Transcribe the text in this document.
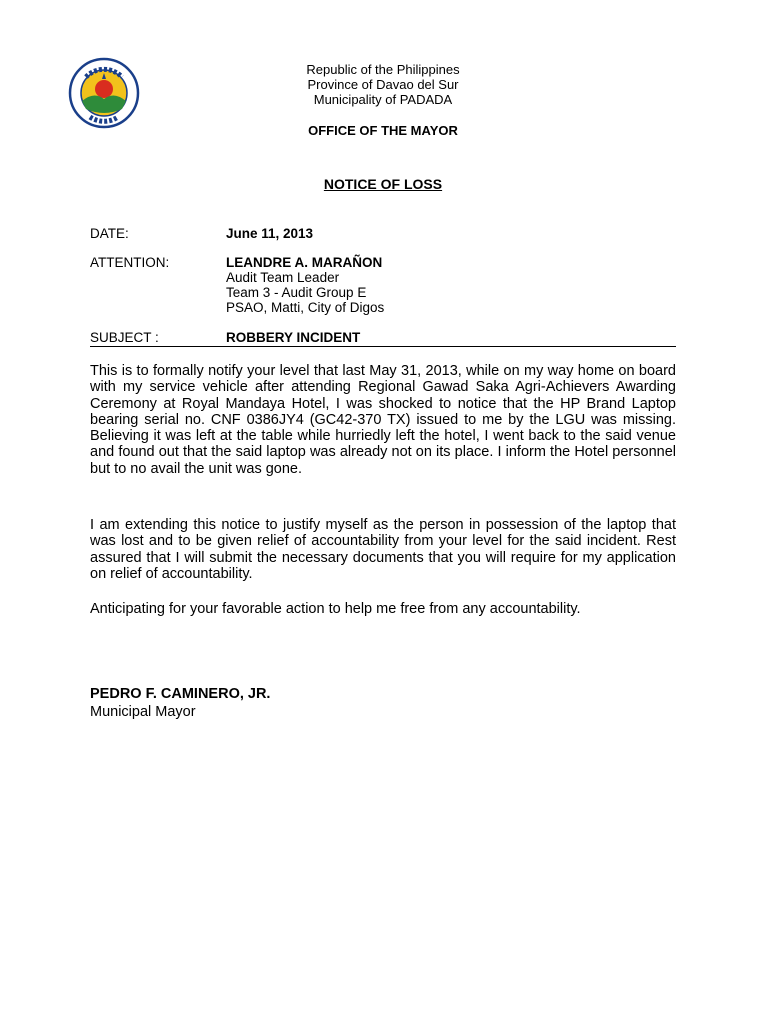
Republic of the Philippines
Province of Davao del Sur
Municipality of PADADA
OFFICE OF THE MAYOR
NOTICE OF LOSS
DATE:	June 11, 2013
ATTENTION:	LEANDRE A. MARAÑON
Audit Team Leader
Team 3 - Audit Group E
PSAO, Matti, City of Digos
SUBJECT :	ROBBERY INCIDENT

This is to formally notify your level that last May 31, 2013, while on my way home on board with my service vehicle after attending Regional Gawad Saka Agri-Achievers Awarding Ceremony at Royal Mandaya Hotel, I was shocked to notice that the HP Brand Laptop bearing serial no. CNF 0386JY4 (GC42-370 TX) issued to me by the LGU was missing. Believing it was left at the table while hurriedly left the hotel, I went back to the said venue and found out that the said laptop was already not on its place. I inform the Hotel personnel but to no avail the unit was gone.

I am extending this notice to justify myself as the person in possession of the laptop that was lost and to be given relief of accountability from your level for the said incident. Rest assured that I will submit the necessary documents that you will require for my application on relief of accountability.

Anticipating for your favorable action to help me free from any accountability.

PEDRO F. CAMINERO, JR.
Municipal Mayor
